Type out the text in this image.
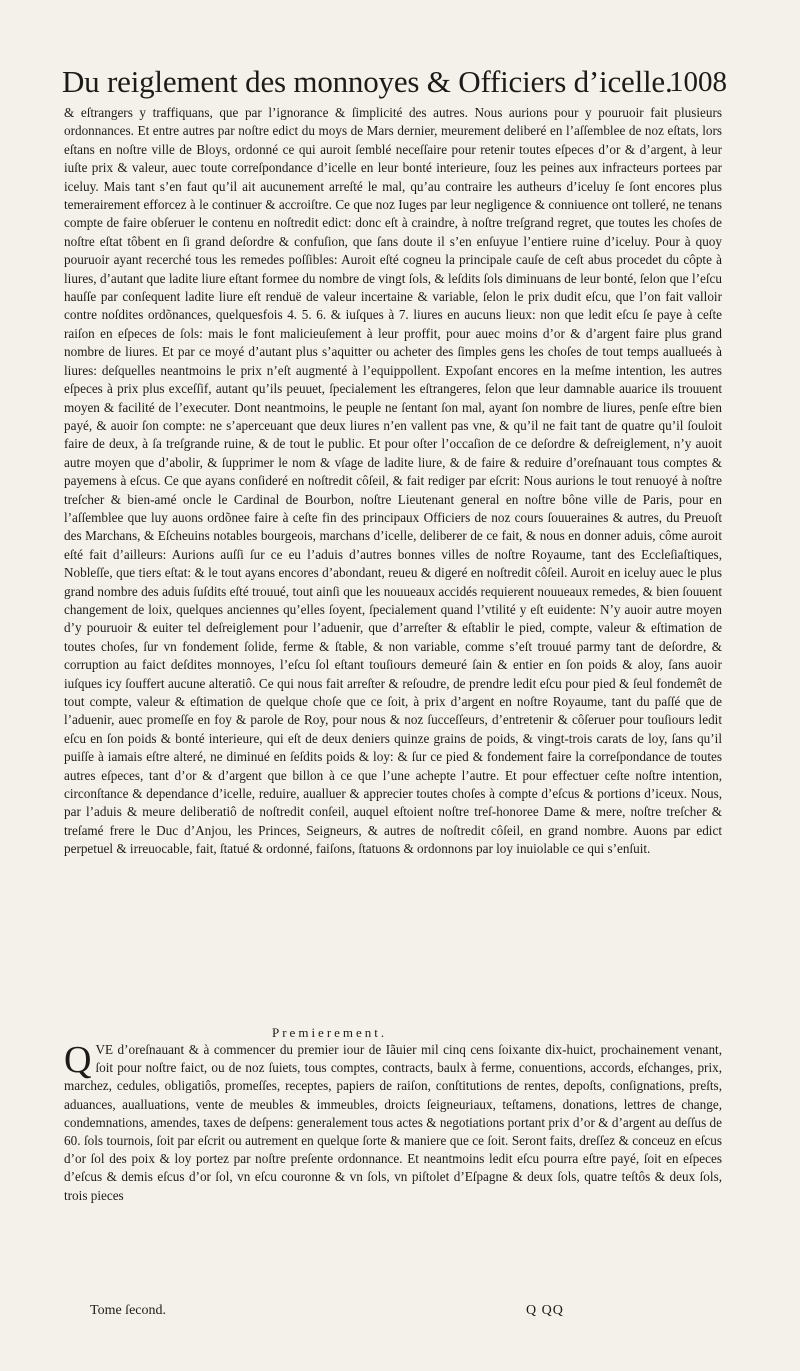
Du reiglement des monnoyes & Officiers d’icelle.
1008

& eſtrangers y traffiquans, que par l’ignorance & ſimplicité des autres. Nous aurions pour y pouruoir fait plusieurs ordonnances. Et entre autres par noſtre edict du moys de Mars dernier, meurement deliberé en l’aſſemblee de noz eſtats, lors eſtans en noſtre ville de Bloys, ordonné ce qui auroit ſemblé neceſſaire pour retenir toutes eſpeces d’or & d’argent, à leur iuſte prix & valeur, auec toute correſpondance d’icelle en leur bonté interieure, ſouz les peines aux infracteurs portees par iceluy. Mais tant s’en faut qu’il ait aucunement arreſté le mal, qu’au contraire les autheurs d’iceluy ſe ſont encores plus temerairement efforcez à le continuer & accroiſtre. Ce que noz Iuges par leur negligence & conniuence ont tolleré, ne tenans compte de faire obſeruer le contenu en noſtredit edict: donc eſt à craindre, à noſtre treſgrand regret, que toutes les choſes de noſtre eſtat tôbent en ſi grand deſordre & confuſion, que ſans doute il s’en enſuyue l’entiere ruine d’iceluy. Pour à quoy pouruoir ayant recerché tous les remedes poſſibles: Auroit eſté cogneu la principale cauſe de ceſt abus procedet du côpte à liures, d’autant que ladite liure eſtant formee du nombre de vingt ſols, & leſdits ſols diminuans de leur bonté, ſelon que l’eſcu hauſſe par conſequent ladite liure eſt renduë de valeur incertaine & variable, ſelon le prix dudit eſcu, que l’on fait valloir contre noſdites ordõnances, quelquesfois 4. 5. 6. & iuſques à 7. liures en aucuns lieux: non que ledit eſcu ſe paye à ceſte raiſon en eſpeces de ſols: mais le font malicieuſement à leur proffit, pour auec moins d’or & d’argent faire plus grand nombre de liures. Et par ce moyé d’autant plus s’aquitter ou acheter des ſimples gens les choſes de tout temps auallueés à liures: deſquelles neantmoins le prix n’eſt augmenté à l’equippollent. Expoſant encores en la meſme intention, les autres eſpeces à prix plus exceſſif, autant qu’ils peuuet, ſpecialement les eſtrangeres, ſelon que leur damnable auarice ils trouuent moyen & facilité de l’executer. Dont neantmoins, le peuple ne ſentant ſon mal, ayant ſon nombre de liures, penſe eſtre bien payé, & auoir ſon compte: ne s’aperceuant que deux liures n’en vallent pas vne, & qu’il ne fait tant de quatre qu’il ſouloit faire de deux, à ſa treſgrande ruine, & de tout le public. Et pour oſter l’occaſion de ce deſordre & deſreiglement, n’y auoit autre moyen que d’abolir, & ſupprimer le nom & vſage de ladite liure, & de faire & reduire d’oreſnauant tous comptes & payemens à eſcus. Ce que ayans conſideré en noſtredit côſeil, & fait rediger par eſcrit: Nous aurions le tout renuoyé à noſtre treſcher & bien-amé oncle le Cardinal de Bourbon, noſtre Lieutenant general en noſtre bône ville de Paris, pour en l’aſſemblee que luy auons ordõnee faire à ceſte fin des principaux Officiers de noz cours ſouueraines & autres, du Preuoſt des Marchans, & Eſcheuins notables bourgeois, marchans d’icelle, deliberer de ce fait, & nous en donner aduis, côme auroit eſté fait d’ailleurs: Aurions auſſi ſur ce eu l’aduis d’autres bonnes villes de noſtre Royaume, tant des Eccleſiaſtiques, Nobleſſe, que tiers eſtat: & le tout ayans encores d’abondant, reueu & digeré en noſtredit côſeil. Auroit en iceluy auec le plus grand nombre des aduis ſuſdits eſté trouué, tout ainſi que les nouueaux accidés requierent nouueaux remedes, & bien ſouuent changement de loix, quelques anciennes qu’elles ſoyent, ſpecialement quand l’vtilité y eſt euidente: N’y auoir autre moyen d’y pouruoir & euiter tel deſreiglement pour l’aduenir, que d’arreſter & eſtablir le pied, compte, valeur & eſtimation de toutes choſes, ſur vn fondement ſolide, ferme & ſtable, & non variable, comme s’eſt trouué parmy tant de deſordre, & corruption au faict deſdites monnoyes, l’eſcu ſol eſtant touſiours demeuré ſain & entier en ſon poids & aloy, ſans auoir iuſques icy ſouffert aucune alteratiô. Ce qui nous fait arreſter & reſoudre, de prendre ledit eſcu pour pied & ſeul fondemêt de tout compte, valeur & eſtimation de quelque choſe que ce ſoit, à prix d’argent en noſtre Royaume, tant du paſſé que de l’aduenir, auec promeſſe en foy & parole de Roy, pour nous & noz ſucceſſeurs, d’entretenir & côſeruer pour touſiours ledit eſcu en ſon poids & bonté interieure, qui eſt de deux deniers quinze grains de poids, & vingt-trois carats de loy, ſans qu’il puiſſe à iamais eſtre alteré, ne diminué en ſeſdits poids & loy: & ſur ce pied & fondement faire la correſpondance de toutes autres eſpeces, tant d’or & d’argent que billon à ce que l’une achepte l’autre. Et pour effectuer ceſte noſtre intention, circonſtance & dependance d’icelle, reduire, aualluer & apprecier toutes choſes à compte d’eſcus & portions d’iceux. Nous, par l’aduis & meure deliberatiô de noſtredit conſeil, auquel eſtoient noſtre treſ-honoree Dame & mere, noſtre treſcher & treſamé frere le Duc d’Anjou, les Princes, Seigneurs, & autres de noſtredit côſeil, en grand nombre. Auons par edict perpetuel & irreuocable, fait, ſtatué & ordonné, faiſons, ſtatuons & ordonnons par loy inuiolable ce qui s’enſuit.

Premierement.
Q VE d’oreſnauant & à commencer du premier iour de Iãuier mil cinq cens ſoixante dix-huict, prochainement venant, ſoit pour noſtre faict, ou de noz ſuiets, tous comptes, contracts, baulx à ferme, conuentions, accords, eſchanges, prix, marchez, cedules, obligatiôs, promeſſes, receptes, papiers de raiſon, conſtitutions de rentes, depoſts, conſignations, preſts, aduances, aualluations, vente de meubles & immeubles, droicts ſeigneuriaux, teſtamens, donations, lettres de change, condemnations, amendes, taxes de deſpens: generalement tous actes & negotiations portant prix d’or & d’argent au deſſus de 60. ſols tournois, ſoit par eſcrit ou autrement en quelque ſorte & maniere que ce ſoit. Seront faits, dreſſez & conceuz en eſcus d’or ſol des poix & loy portez par noſtre preſente ordonnance. Et neantmoins ledit eſcu pourra eſtre payé, ſoit en eſpeces d’eſcus & demis eſcus d’or ſol, vn eſcu couronne & vn ſols, vn piſtolet d’Eſpagne & deux ſols, quatre teſtôs & deux ſols, trois pieces
Tome ſecond.	Q QQ
